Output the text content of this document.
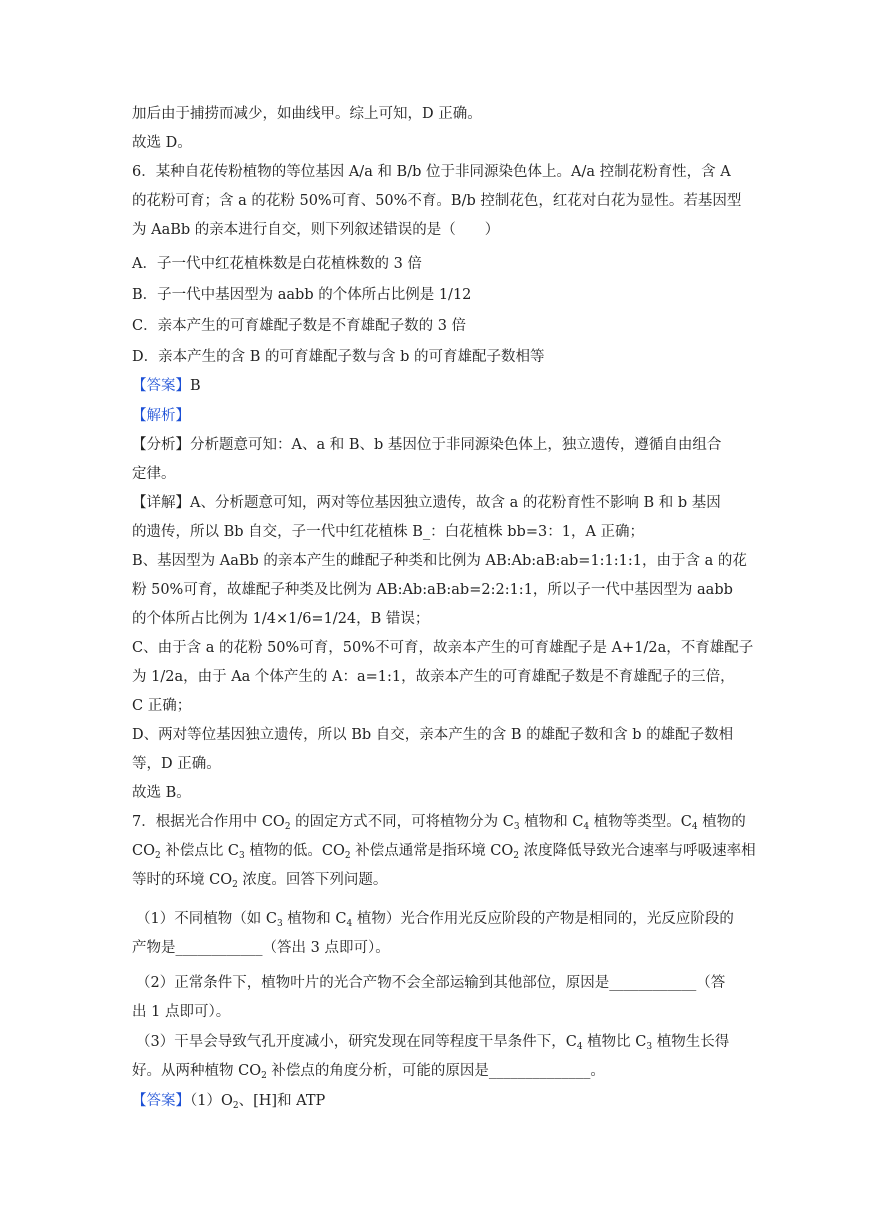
加后由于捕捞而减少，如曲线甲。综上可知，D 正确。
故选 D。
6．某种自花传粉植物的等位基因 A/a 和 B/b 位于非同源染色体上。A/a 控制花粉育性，含 A
的花粉可育；含 a 的花粉 50%可育、50%不育。B/b 控制花色，红花对白花为显性。若基因型
为 AaBb 的亲本进行自交，则下列叙述错误的是（　　）
A．子一代中红花植株数是白花植株数的 3 倍
B．子一代中基因型为 aabb 的个体所占比例是 1/12
C．亲本产生的可育雄配子数是不育雄配子数的 3 倍
D．亲本产生的含 B 的可育雄配子数与含 b 的可育雄配子数相等
【答案】B
【解析】
【分析】分析题意可知：A、a 和 B、b 基因位于非同源染色体上，独立遗传，遵循自由组合
定律。
【详解】A、分析题意可知，两对等位基因独立遗传，故含 a 的花粉育性不影响 B 和 b 基因
的遗传，所以 Bb 自交，子一代中红花植株 B_：白花植株 bb=3：1，A 正确；
B、基因型为 AaBb 的亲本产生的雌配子种类和比例为 AB:Ab:aB:ab=1:1:1:1，由于含 a 的花
粉 50%可育，故雄配子种类及比例为 AB:Ab:aB:ab=2:2:1:1，所以子一代中基因型为 aabb
的个体所占比例为 1/4×1/6=1/24，B 错误；
C、由于含 a 的花粉 50%可育，50%不可育，故亲本产生的可育雄配子是 A+1/2a，不育雄配子
为 1/2a，由于 Aa 个体产生的 A：a=1:1，故亲本产生的可育雄配子数是不育雄配子的三倍，
C 正确；
D、两对等位基因独立遗传，所以 Bb 自交，亲本产生的含 B 的雄配子数和含 b 的雄配子数相
等，D 正确。
故选 B。
7．根据光合作用中 $CO_2$ 的固定方式不同，可将植物分为 $C_3$ 植物和 $C_4$ 植物等类型。$C_4$ 植物的
$CO_2$ 补偿点比 $C_3$ 植物的低。$CO_2$ 补偿点通常是指环境 $CO_2$ 浓度降低导致光合速率与呼吸速率相
等时的环境 $CO_2$ 浓度。回答下列问题。
（1）不同植物（如 $C_3$ 植物和 $C_4$ 植物）光合作用光反应阶段的产物是相同的，光反应阶段的
产物是____________（答出 3 点即可）。
（2）正常条件下，植物叶片的光合产物不会全部运输到其他部位，原因是____________（答
出 1 点即可）。
（3）干旱会导致气孔开度减小，研究发现在同等程度干旱条件下，$C_4$ 植物比 $C_3$ 植物生长得
好。从两种植物 $CO_2$ 补偿点的角度分析，可能的原因是______________。
【答案】$(1)O_2$、[H]和 ATP
